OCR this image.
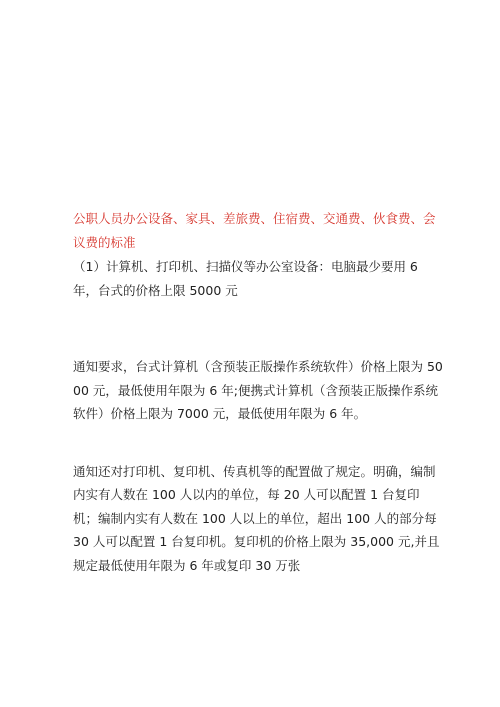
公职人员办公设备、家具、差旅费、住宿费、交通费、伙食费、会议费的标准

（1）计算机、打印机、扫描仪等办公室设备：电脑最少要用 6 年，台式的价格上限 5000 元

通知要求，台式计算机（含预装正版操作系统软件）价格上限为 5000 元，最低使用年限为 6 年;便携式计算机（含预装正版操作系统软件）价格上限为 7000 元，最低使用年限为 6 年。

通知还对打印机、复印机、传真机等的配置做了规定。明确，编制内实有人数在 100 人以内的单位，每 20 人可以配置 1 台复印机；编制内实有人数在 100 人以上的单位，超出 100 人的部分每 30 人可以配置 1 台复印机。复印机的价格上限为 35,000 元,并且规定最低使用年限为 6 年或复印 30 万张
